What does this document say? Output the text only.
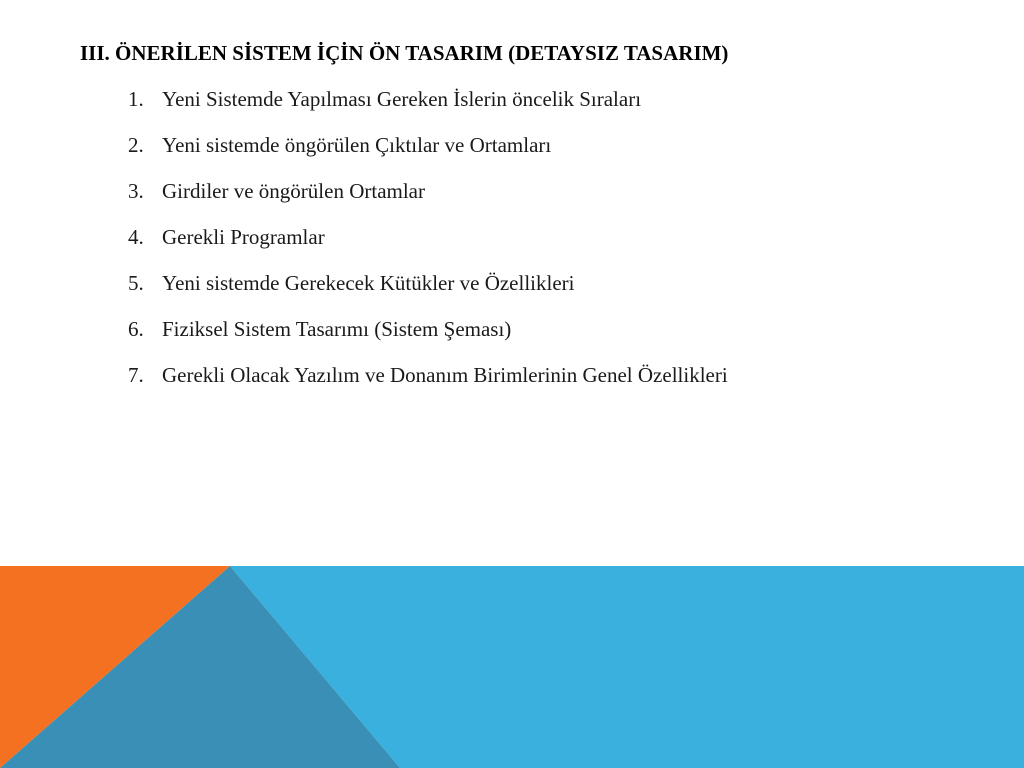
III. ÖNERİLEN SİSTEM İÇİN ÖN TASARIM (DETAYSIZ TASARIM)
1. Yeni Sistemde Yapılması Gereken İslerin öncelik Sıraları
2. Yeni sistemde öngörülen Çıktılar ve Ortamları
3. Girdiler ve öngörülen Ortamlar
4. Gerekli Programlar
5. Yeni sistemde Gerekecek Kütükler ve Özellikleri
6. Fiziksel Sistem Tasarımı (Sistem Şeması)
7. Gerekli Olacak Yazılım ve Donanım Birimlerinin Genel Özellikleri
